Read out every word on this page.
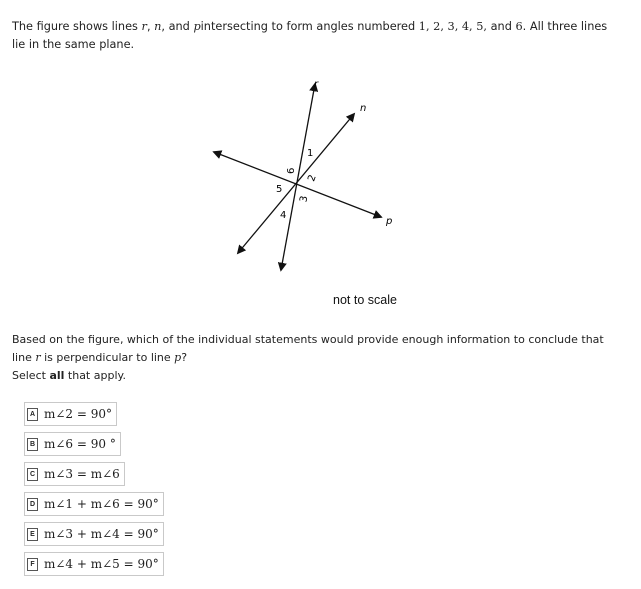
The figure shows lines r, n, and pintersecting to form angles numbered 1, 2, 3, 4, 5, and 6. All three lines lie in the same plane.
r
n
p
1
2
3
4
5
6
not to scale
Based on the figure, which of the individual statements would provide enough information to conclude that line r is perpendicular to line p?
Select all that apply.
A m∠2 = 90°
B m∠6 = 90 °
C m∠3 = m∠6
D m∠1 + m∠6 = 90°
E m∠3 + m∠4 = 90°
F m∠4 + m∠5 = 90°
